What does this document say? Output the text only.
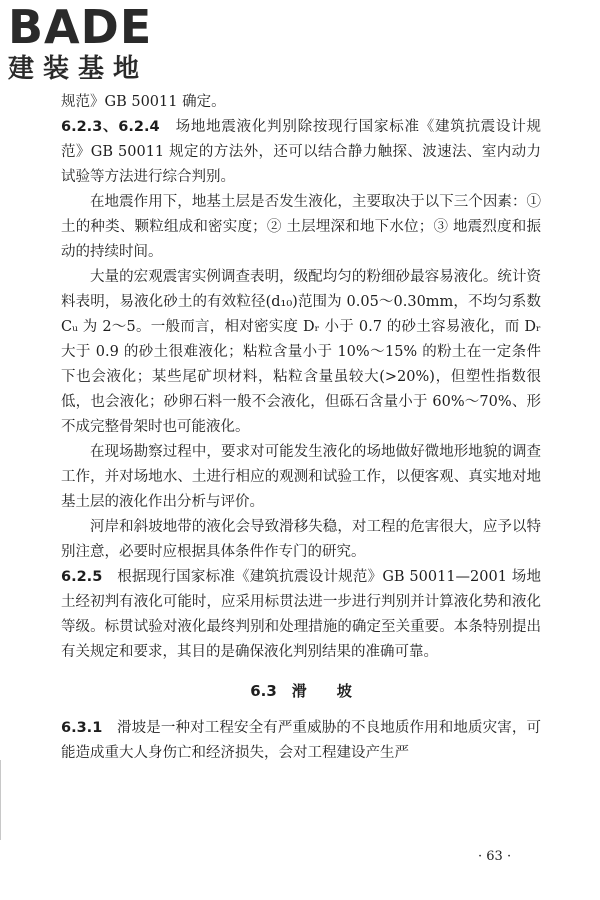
BADE
建装基地

规范》GB 50011 确定。

6.2.3、6.2.4　 场地地震液化判别除按现行国家标准《建筑抗震设计规范》GB 50011 规定的方法外，还可以结合静力触探、波速法、室内动力试验等方法进行综合判别。

在地震作用下，地基土层是否发生液化，主要取决于以下三个因素：① 土的种类、颗粒组成和密实度；② 土层埋深和地下水位；③ 地震烈度和振动的持续时间。

大量的宏观震害实例调查表明，级配均匀的粉细砂最容易液化。统计资料表明，易液化砂土的有效粒径(d₁₀)范围为 0.05～0.30mm，不均匀系数 Cᵤ 为 2～5。一般而言，相对密实度 Dᵣ 小于 0.7 的砂土容易液化，而 Dᵣ 大于 0.9 的砂土很难液化；粘粒含量小于 10%～15% 的粉土在一定条件下也会液化；某些尾矿坝材料，粘粒含量虽较大(>20%)，但塑性指数很低，也会液化；砂卵石料一般不会液化，但砾石含量小于 60%～70%、形不成完整骨架时也可能液化。

在现场勘察过程中，要求对可能发生液化的场地做好微地形地貌的调查工作，并对场地水、土进行相应的观测和试验工作，以便客观、真实地对地基土层的液化作出分析与评价。

河岸和斜坡地带的液化会导致滑移失稳，对工程的危害很大，应予以特别注意，必要时应根据具体条件作专门的研究。

6.2.5　 根据现行国家标准《建筑抗震设计规范》GB 50011—2001 场地土经初判有液化可能时，应采用标贯法进一步进行判别并计算液化势和液化等级。标贯试验对液化最终判别和处理措施的确定至关重要。本条特别提出有关规定和要求，其目的是确保液化判别结果的准确可靠。

6.3　滑　　坡

6.3.1　 滑坡是一种对工程安全有严重威胁的不良地质作用和地质灾害，可能造成重大人身伤亡和经济损失，会对工程建设产生严

· 63 ·
